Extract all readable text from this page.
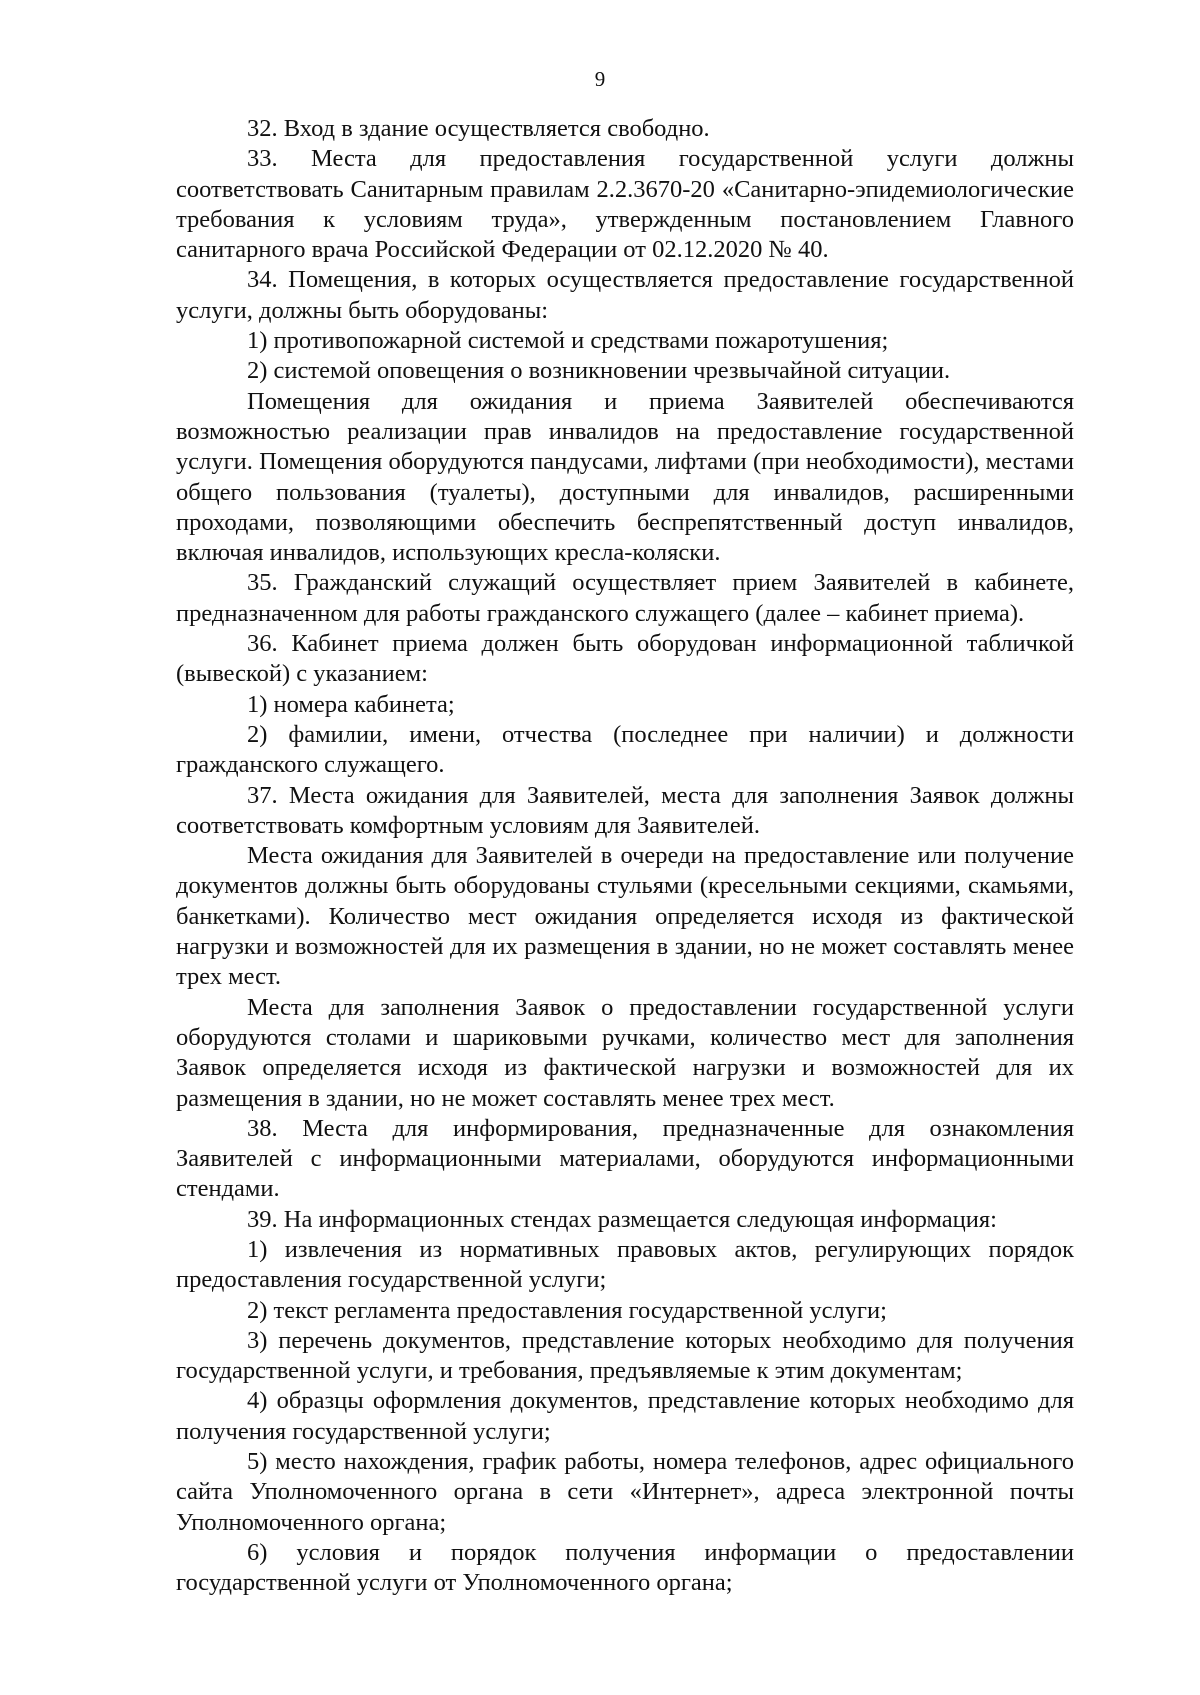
9

32. Вход в здание осуществляется свободно.

33. Места для предоставления государственной услуги должны соответствовать Санитарным правилам 2.2.3670-20 «Санитарно-эпидемиологические требования к условиям труда», утвержденным постановлением Главного санитарного врача Российской Федерации от 02.12.2020 № 40.

34. Помещения, в которых осуществляется предоставление государственной услуги, должны быть оборудованы:

1) противопожарной системой и средствами пожаротушения;

2) системой оповещения о возникновении чрезвычайной ситуации.

Помещения для ожидания и приема Заявителей обеспечиваются возможностью реализации прав инвалидов на предоставление государственной услуги. Помещения оборудуются пандусами, лифтами (при необходимости), местами общего пользования (туалеты), доступными для инвалидов, расширенными проходами, позволяющими обеспечить беспрепятственный доступ инвалидов, включая инвалидов, использующих кресла-коляски.

35. Гражданский служащий осуществляет прием Заявителей в кабинете, предназначенном для работы гражданского служащего (далее – кабинет приема).

36. Кабинет приема должен быть оборудован информационной табличкой (вывеской) с указанием:

1) номера кабинета;

2) фамилии, имени, отчества (последнее при наличии) и должности гражданского служащего.

37. Места ожидания для Заявителей, места для заполнения Заявок должны соответствовать комфортным условиям для Заявителей.

Места ожидания для Заявителей в очереди на предоставление или получение документов должны быть оборудованы стульями (кресельными секциями, скамьями, банкетками). Количество мест ожидания определяется исходя из фактической нагрузки и возможностей для их размещения в здании, но не может составлять менее трех мест.

Места для заполнения Заявок о предоставлении государственной услуги оборудуются столами и шариковыми ручками, количество мест для заполнения Заявок определяется исходя из фактической нагрузки и возможностей для их размещения в здании, но не может составлять менее трех мест.

38. Места для информирования, предназначенные для ознакомления Заявителей с информационными материалами, оборудуются информационными стендами.

39. На информационных стендах размещается следующая информация:

1) извлечения из нормативных правовых актов, регулирующих порядок предоставления государственной услуги;

2) текст регламента предоставления государственной услуги;

3) перечень документов, представление которых необходимо для получения государственной услуги, и требования, предъявляемые к этим документам;

4) образцы оформления документов, представление которых необходимо для получения государственной услуги;

5) место нахождения, график работы, номера телефонов, адрес официального сайта Уполномоченного органа в сети «Интернет», адреса электронной почты Уполномоченного органа;

6) условия и порядок получения информации о предоставлении государственной услуги от Уполномоченного органа;
